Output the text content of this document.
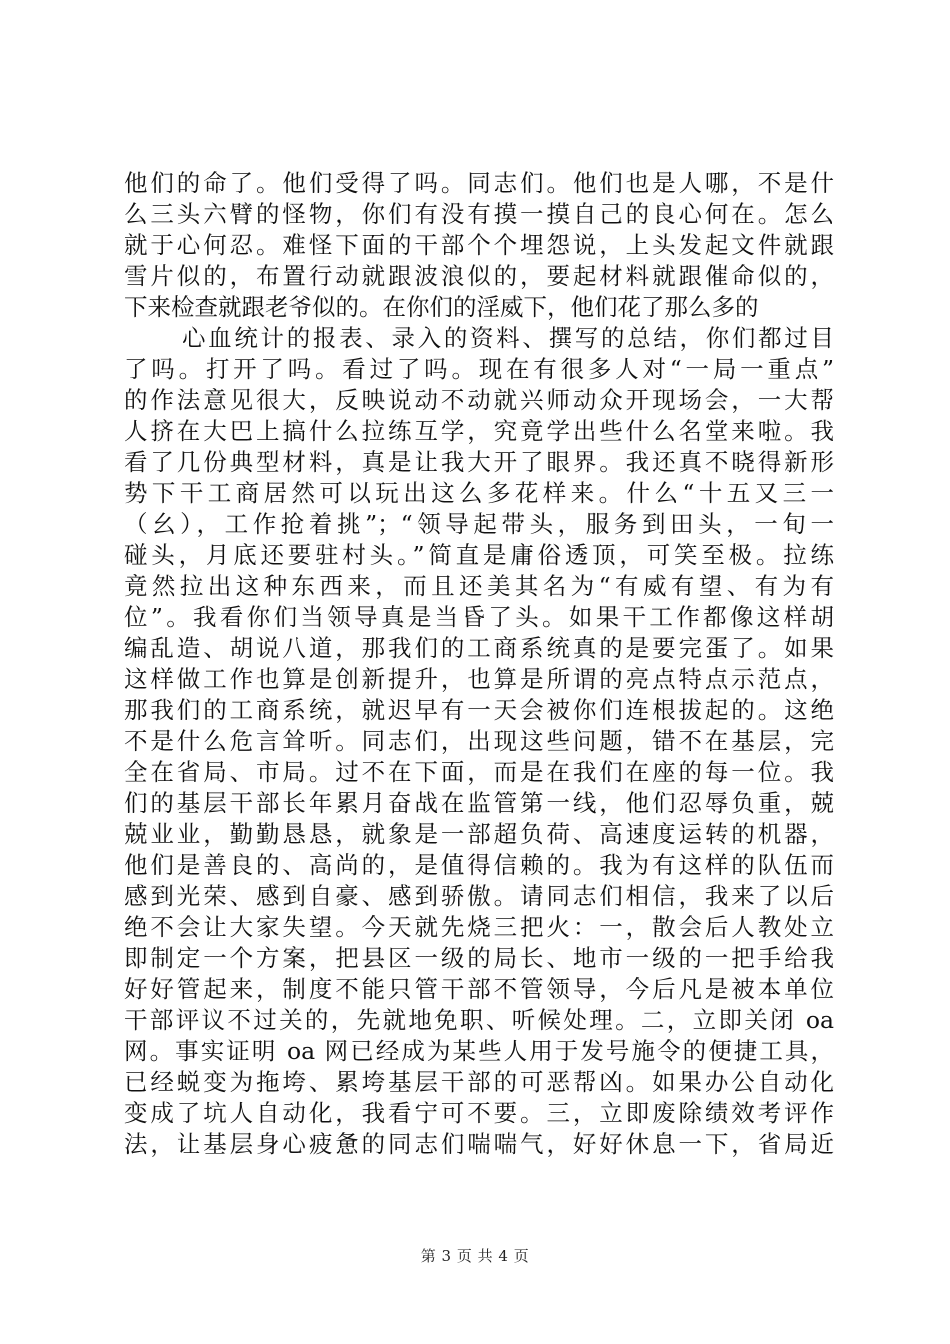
他们的命了。他们受得了吗。同志们。他们也是人哪，不是什
么三头六臂的怪物，你们有没有摸一摸自己的良心何在。怎么
就于心何忍。难怪下面的干部个个埋怨说，上头发起文件就跟
雪片似的，布置行动就跟波浪似的，要起材料就跟催命似的，
下来检查就跟老爷似的。在你们的淫威下，他们花了那么多的
心血统计的报表、录入的资料、撰写的总结，你们都过目
了吗。打开了吗。看过了吗。现在有很多人对“一局一重点”
的作法意见很大，反映说动不动就兴师动众开现场会，一大帮
人挤在大巴上搞什么拉练互学，究竟学出些什么名堂来啦。我
看了几份典型材料，真是让我大开了眼界。我还真不晓得新形
势下干工商居然可以玩出这么多花样来。什么“十五又三一
（幺），工作抢着挑”；“领导起带头，服务到田头，一旬一
碰头，月底还要驻村头。”简直是庸俗透顶，可笑至极。拉练
竟然拉出这种东西来，而且还美其名为“有威有望、有为有
位”。我看你们当领导真是当昏了头。如果干工作都像这样胡
编乱造、胡说八道，那我们的工商系统真的是要完蛋了。如果
这样做工作也算是创新提升，也算是所谓的亮点特点示范点，
那我们的工商系统，就迟早有一天会被你们连根拔起的。这绝
不是什么危言耸听。同志们，出现这些问题，错不在基层，完
全在省局、市局。过不在下面，而是在我们在座的每一位。我
们的基层干部长年累月奋战在监管第一线，他们忍辱负重，兢
兢业业，勤勤恳恳，就象是一部超负荷、高速度运转的机器，
他们是善良的、高尚的，是值得信赖的。我为有这样的队伍而
感到光荣、感到自豪、感到骄傲。请同志们相信，我来了以后
绝不会让大家失望。今天就先烧三把火：一，散会后人教处立
即制定一个方案，把县区一级的局长、地市一级的一把手给我
好好管起来，制度不能只管干部不管领导，今后凡是被本单位
干部评议不过关的，先就地免职、听候处理。二，立即关闭 oa
网。事实证明 oa 网已经成为某些人用于发号施令的便捷工具，
已经蜕变为拖垮、累垮基层干部的可恶帮凶。如果办公自动化
变成了坑人自动化，我看宁可不要。三，立即废除绩效考评作
法，让基层身心疲惫的同志们喘喘气，好好休息一下，省局近
第 3 页 共 4 页
